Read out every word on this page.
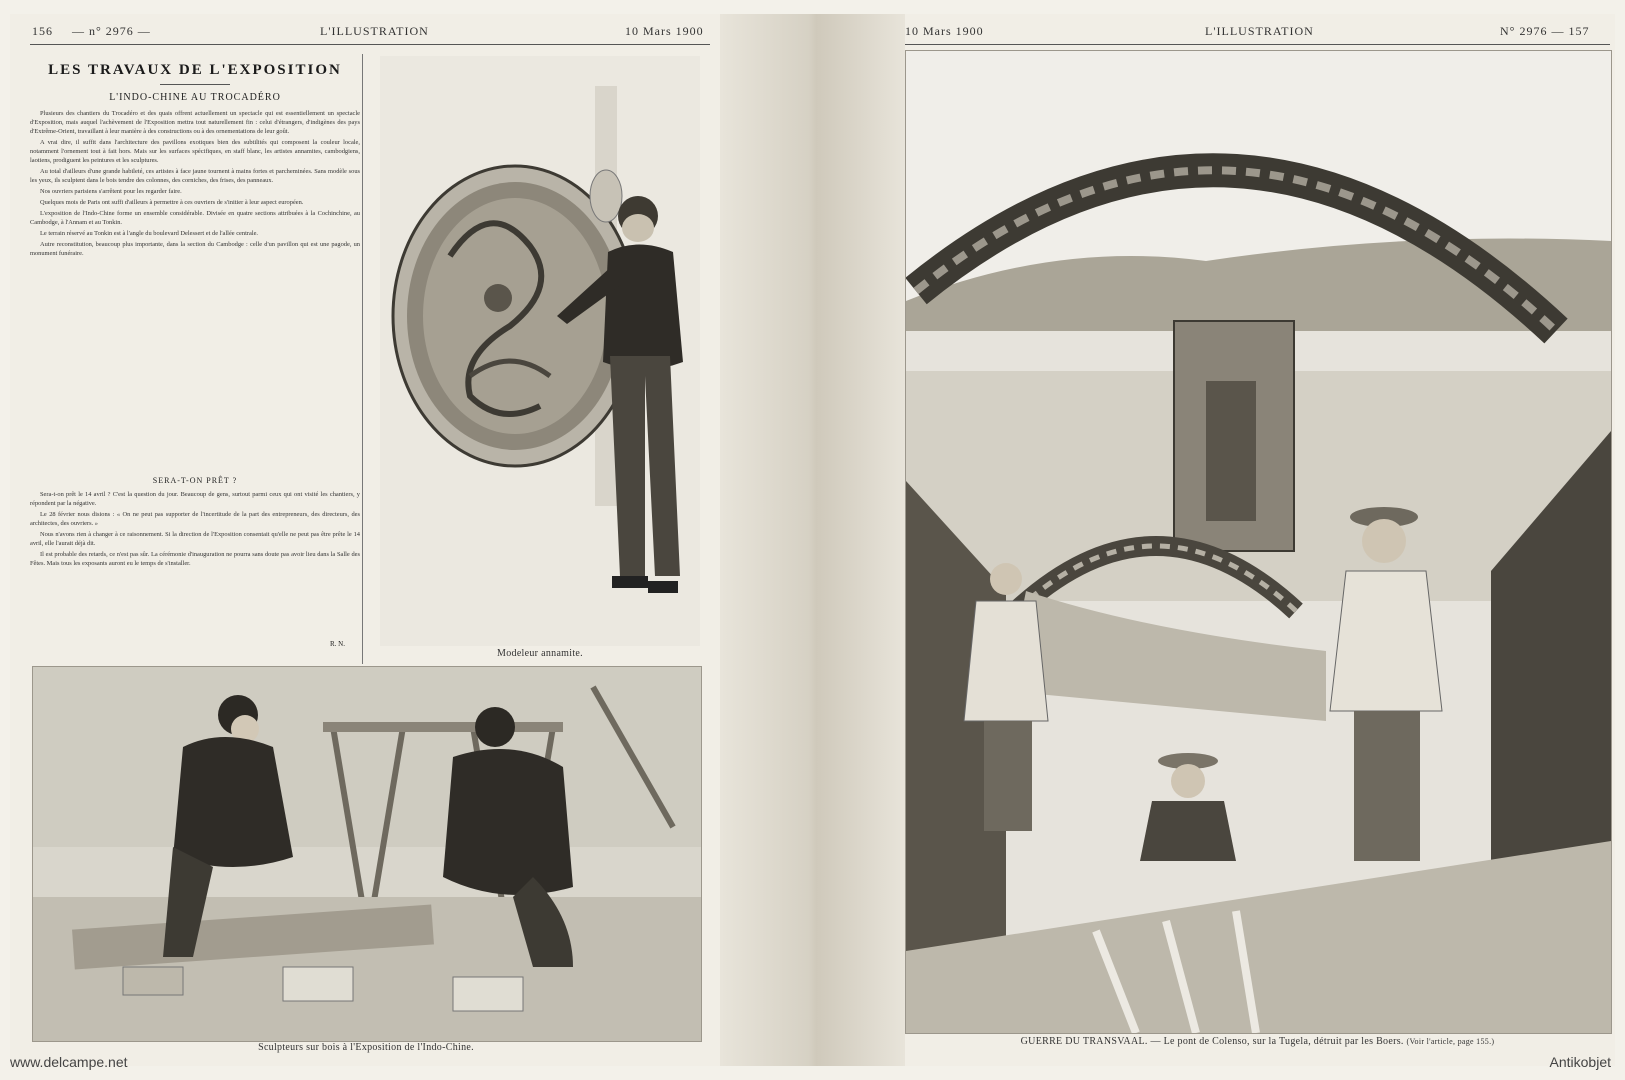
156 — n° 2976 —	L'ILLUSTRATION	10 Mars 1900
LES TRAVAUX DE L'EXPOSITION
L'INDO-CHINE AU TROCADÉRO

Plusieurs des chantiers du Trocadéro et des quais offrent actuellement un spectacle qui est essentiellement un spectacle d'Exposition, mais auquel l'achèvement de l'Exposition mettra tout naturellement fin : celui d'étrangers, d'indigènes des pays d'Extrême-Orient, travaillant à leur manière à des constructions ou à des ornementations de leur goût.

A vrai dire, il suffit dans l'architecture des pavillons exotiques bien des subtilités qui composent la couleur locale, notamment l'ornement tout à fait hors. Mais sur les surfaces spécifiques, en staff blanc, les artistes annamites, cambodgiens, laotiens, prodiguent les peintures et les sculptures.

Au total d'ailleurs d'une grande habileté, ces artistes à face jaune tournent à mains fortes et parcheminées. Sans modèle sous les yeux, ils sculptent dans le bois tendre des colonnes, des corniches, des frises, des panneaux.

Nos ouvriers parisiens s'arrêtent pour les regarder faire.

Quelques mois de Paris ont suffi d'ailleurs à permettre à ces ouvriers de s'initier à leur aspect européen.

L'exposition de l'Indo-Chine forme un ensemble considérable. Divisée en quatre sections attribuées à la Cochinchine, au Cambodge, à l'Annam et au Tonkin.

Le terrain réservé au Tonkin est à l'angle du boulevard Delessert et de l'allée centrale.

Autre reconstitution, beaucoup plus importante, dans la section du Cambodge : celle d'un pavillon qui est une pagode, un monument funéraire.

SERA-T-ON PRÊT ?

Sera-t-on prêt le 14 avril ? C'est la question du jour. Beaucoup de gens, surtout parmi ceux qui ont visité les chantiers, y répondent par la négative.

Le 28 février nous disions : « On ne peut pas supporter de l'incertitude de la part des entrepreneurs, des directeurs, des architectes, des ouvriers. »

Nous n'avons rien à changer à ce raisonnement. Si la direction de l'Exposition consentait qu'elle ne peut pas être prête le 14 avril, elle l'aurait déjà dit.

Il est probable des retards, ce n'est pas sûr. La cérémonie d'inauguration ne pourra sans doute pas avoir lieu dans la Salle des Fêtes. Mais tous les exposants auront eu le temps de s'installer.

R. N.
Modeleur annamite.
Sculpteurs sur bois à l'Exposition de l'Indo-Chine.
10 Mars 1900	L'ILLUSTRATION	N° 2976 — 157
GUERRE DU TRANSVAAL. — Le pont de Colenso, sur la Tugela, détruit par les Boers. (Voir l'article, page 155.)
www.delcampe.net	Antikobjet
